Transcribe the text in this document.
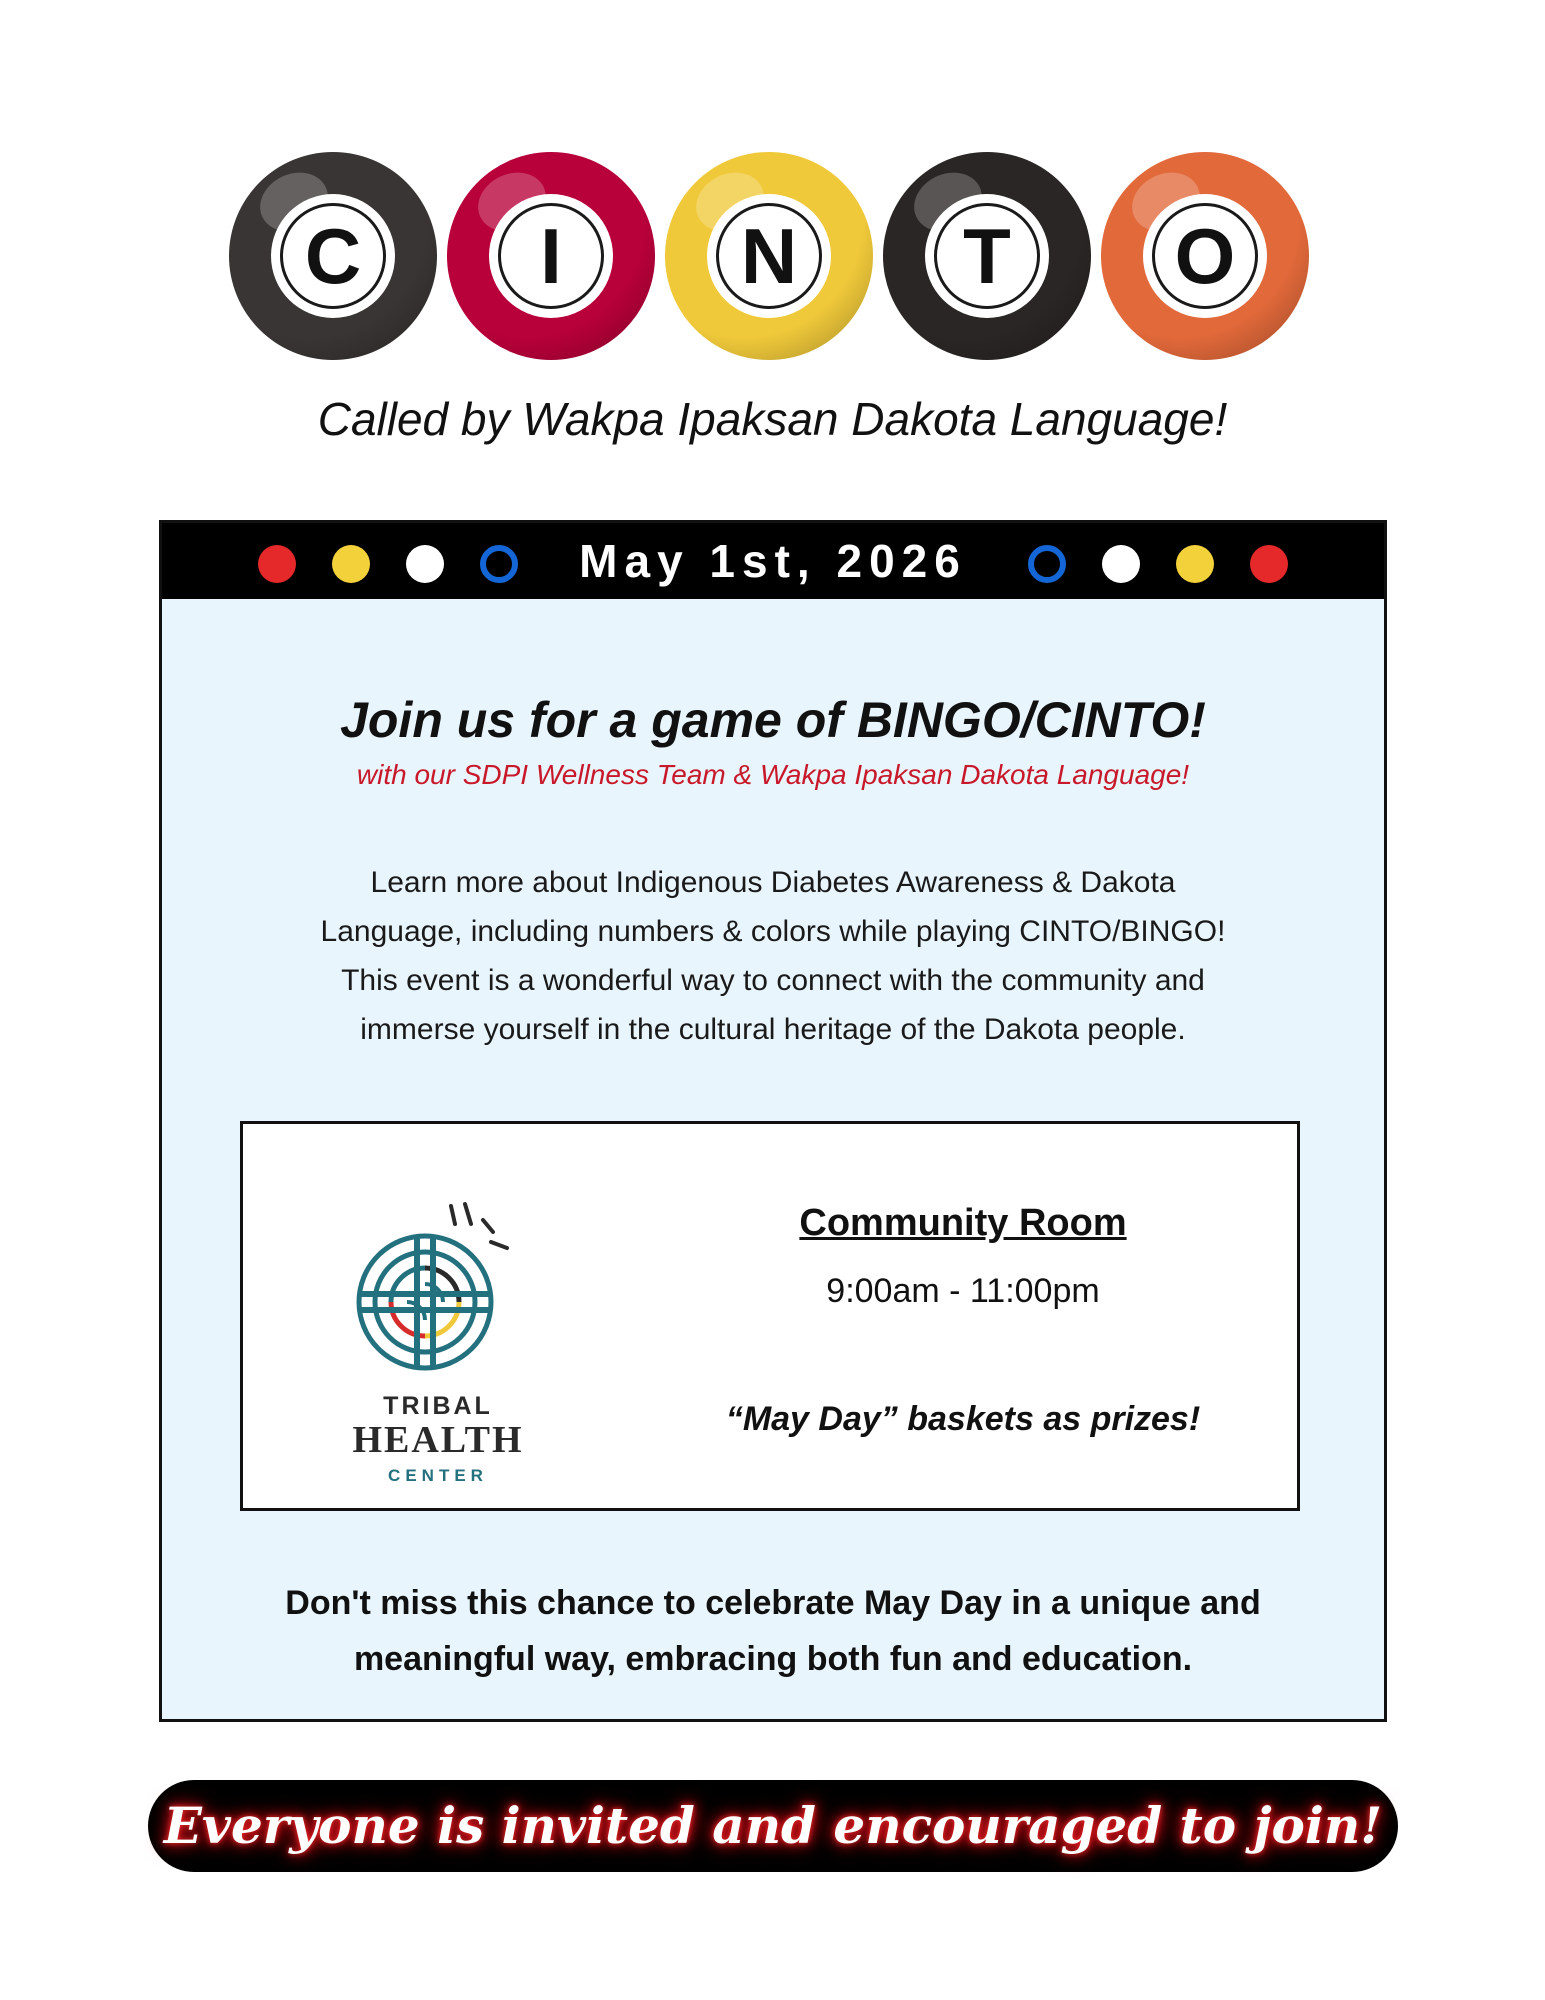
C I N T O
Called by Wakpa Ipaksan Dakota Language!
May 1st, 2026
Join us for a game of BINGO/CINTO!
with our SDPI Wellness Team & Wakpa Ipaksan Dakota Language!
Learn more about Indigenous Diabetes Awareness & Dakota
Language, including numbers & colors while playing CINTO/BINGO!
This event is a wonderful way to connect with the community and
immerse yourself in the cultural heritage of the Dakota people.
TRIBAL
HEALTH
CENTER
Community Room
9:00am - 11:00pm
“May Day” baskets as prizes!
Don't miss this chance to celebrate May Day in a unique and
meaningful way, embracing both fun and education.
Everyone is invited and encouraged to join!
